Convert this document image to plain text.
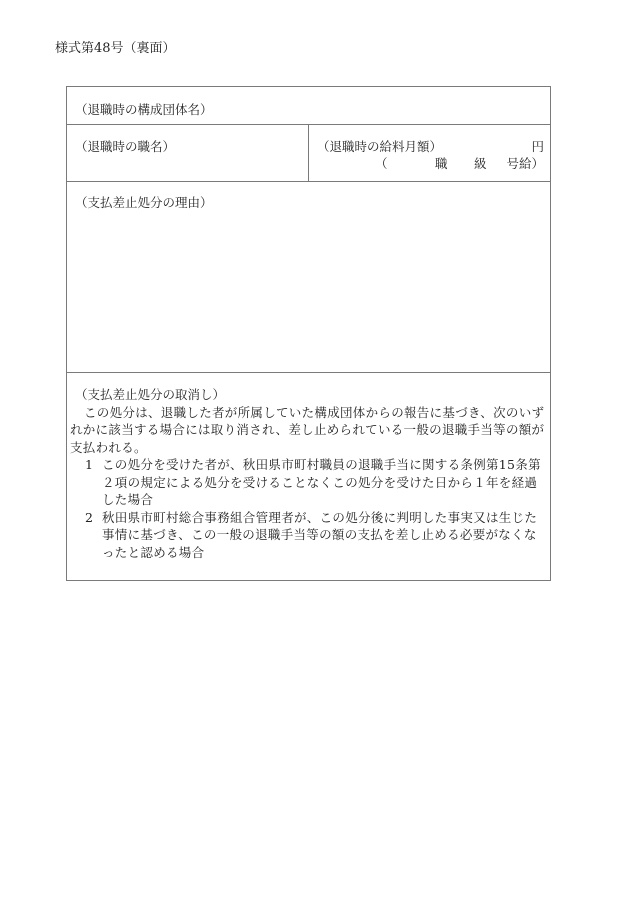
様式第48号（裏面）
（退職時の構成団体名）
（退職時の職名）	（退職時の給料月額）	円
（	職 級 号給）
（支払差止処分の理由）
（支払差止処分の取消し）
この処分は、退職した者が所属していた構成団体からの報告に基づき、次のいずれかに該当する場合には取り消され、差し止められている一般の退職手当等の額が支払われる。
1 この処分を受けた者が、秋田県市町村職員の退職手当に関する条例第15条第２項の規定による処分を受けることなくこの処分を受けた日から１年を経過した場合
2 秋田県市町村総合事務組合管理者が、この処分後に判明した事実又は生じた事情に基づき、この一般の退職手当等の額の支払を差し止める必要がなくなったと認める場合
